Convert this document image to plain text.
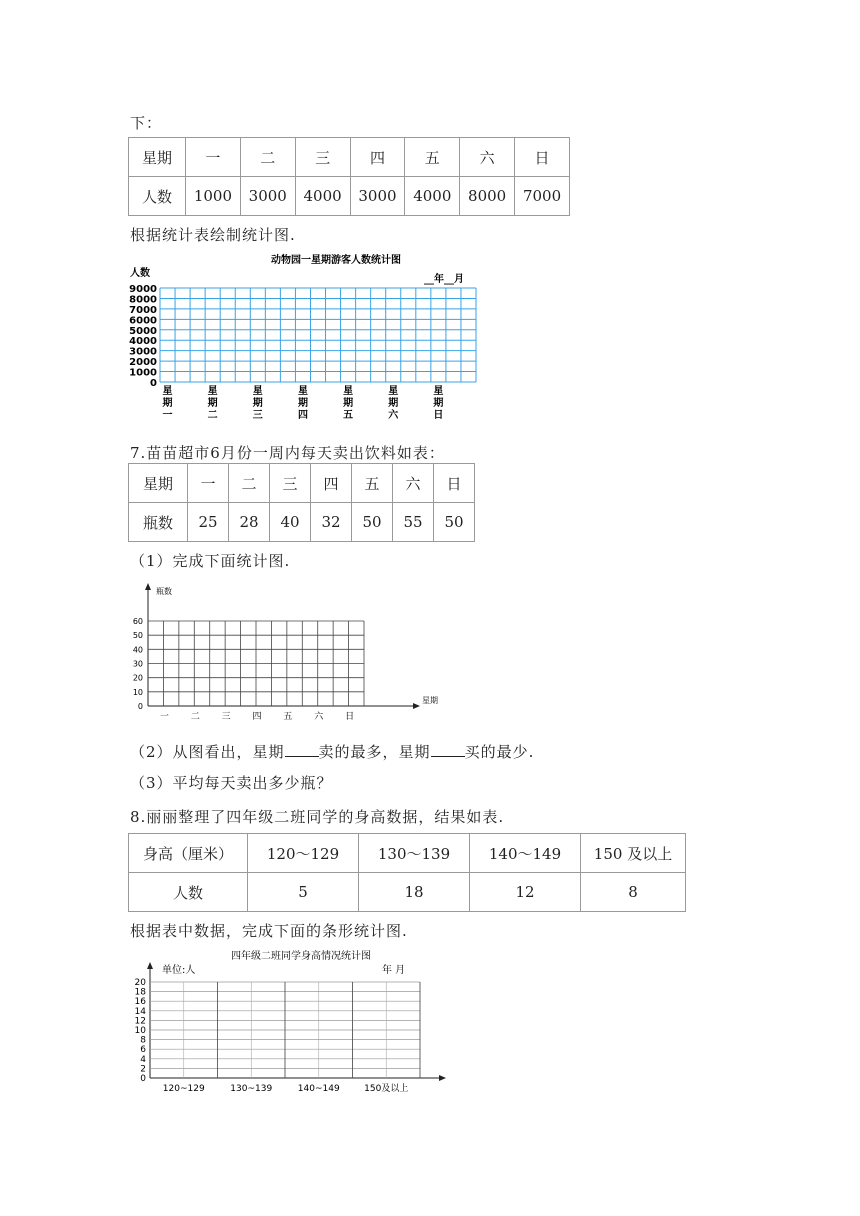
下：
星期	一	二	三	四	五	六	日
人数	1000	3000	4000	3000	4000	8000	7000
根据统计表绘制统计图.
动物园一星期游客人数统计图
人数
__年__月
9000
8000
7000
6000
5000
4000
3000
2000
1000
0
星
期
一
星
期
二
星
期
三
星
期
四
星
期
五
星
期
六
星
期
日
7.苗苗超市6月份一周内每天卖出饮料如表：
星期	一	二	三	四	五	六	日
瓶数	25	28	40	32	50	55	50
（1）完成下面统计图.
瓶数
星期
60
50
40
30
20
10
0
一 二 三 四 五 六 日
（2）从图看出，星期 卖的最多，星期 买的最少.
（3）平均每天卖出多少瓶？
8.丽丽整理了四年级二班同学的身高数据，结果如表.
身高（厘米）	120～129	130～139	140～149	150 及以上
人数	5	18	12	8
根据表中数据，完成下面的条形统计图.
四年级二班同学身高情况统计图
单位:人	年 月
20
18
16
14
12
10
8
6
4
2
0
120~129	130~139	140~149	150及以上
